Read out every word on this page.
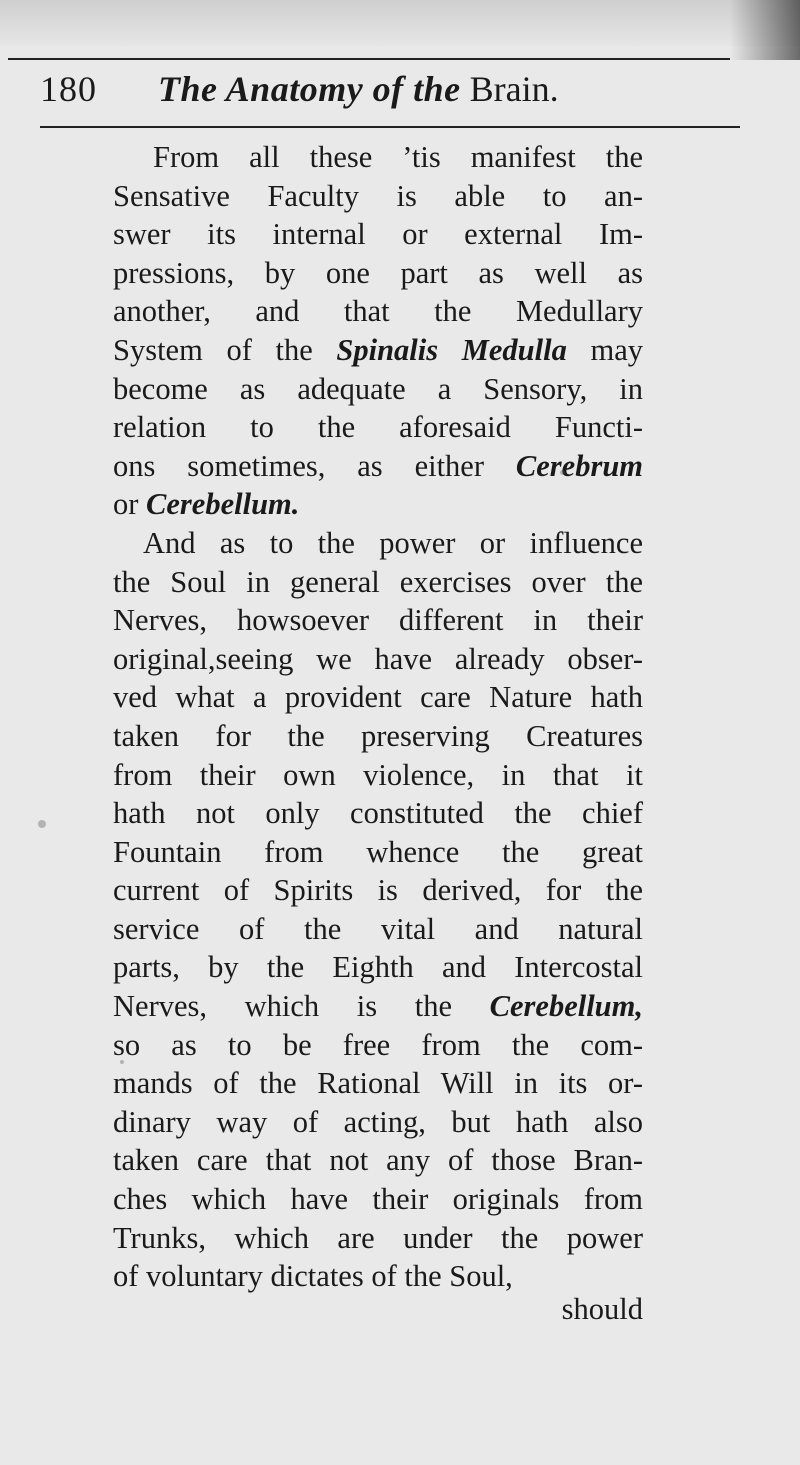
180 The Anatomy of the Brain.
From all these ’tis manifest the
Sensative Faculty is able to an-
swer its internal or external Im-
pressions, by one part as well as
another, and that the Medullary
System of the Spinalis Medulla may
become as adequate a Sensory, in
relation to the aforesaid Functi-
ons sometimes, as either Cerebrum
or Cerebellum.
And as to the power or influence
the Soul in general exercises over the
Nerves, howsoever different in their
original,seeing we have already obser-
ved what a provident care Nature hath
taken for the preserving Creatures
from their own violence, in that it
hath not only constituted the chief
Fountain from whence the great
current of Spirits is derived, for the
service of the vital and natural
parts, by the Eighth and Intercostal
Nerves, which is the Cerebellum,
so as to be free from the com-
mands of the Rational Will in its or-
dinary way of acting, but hath also
taken care that not any of those Bran-
ches which have their originals from
Trunks, which are under the power
of voluntary dictates of the Soul,
should
